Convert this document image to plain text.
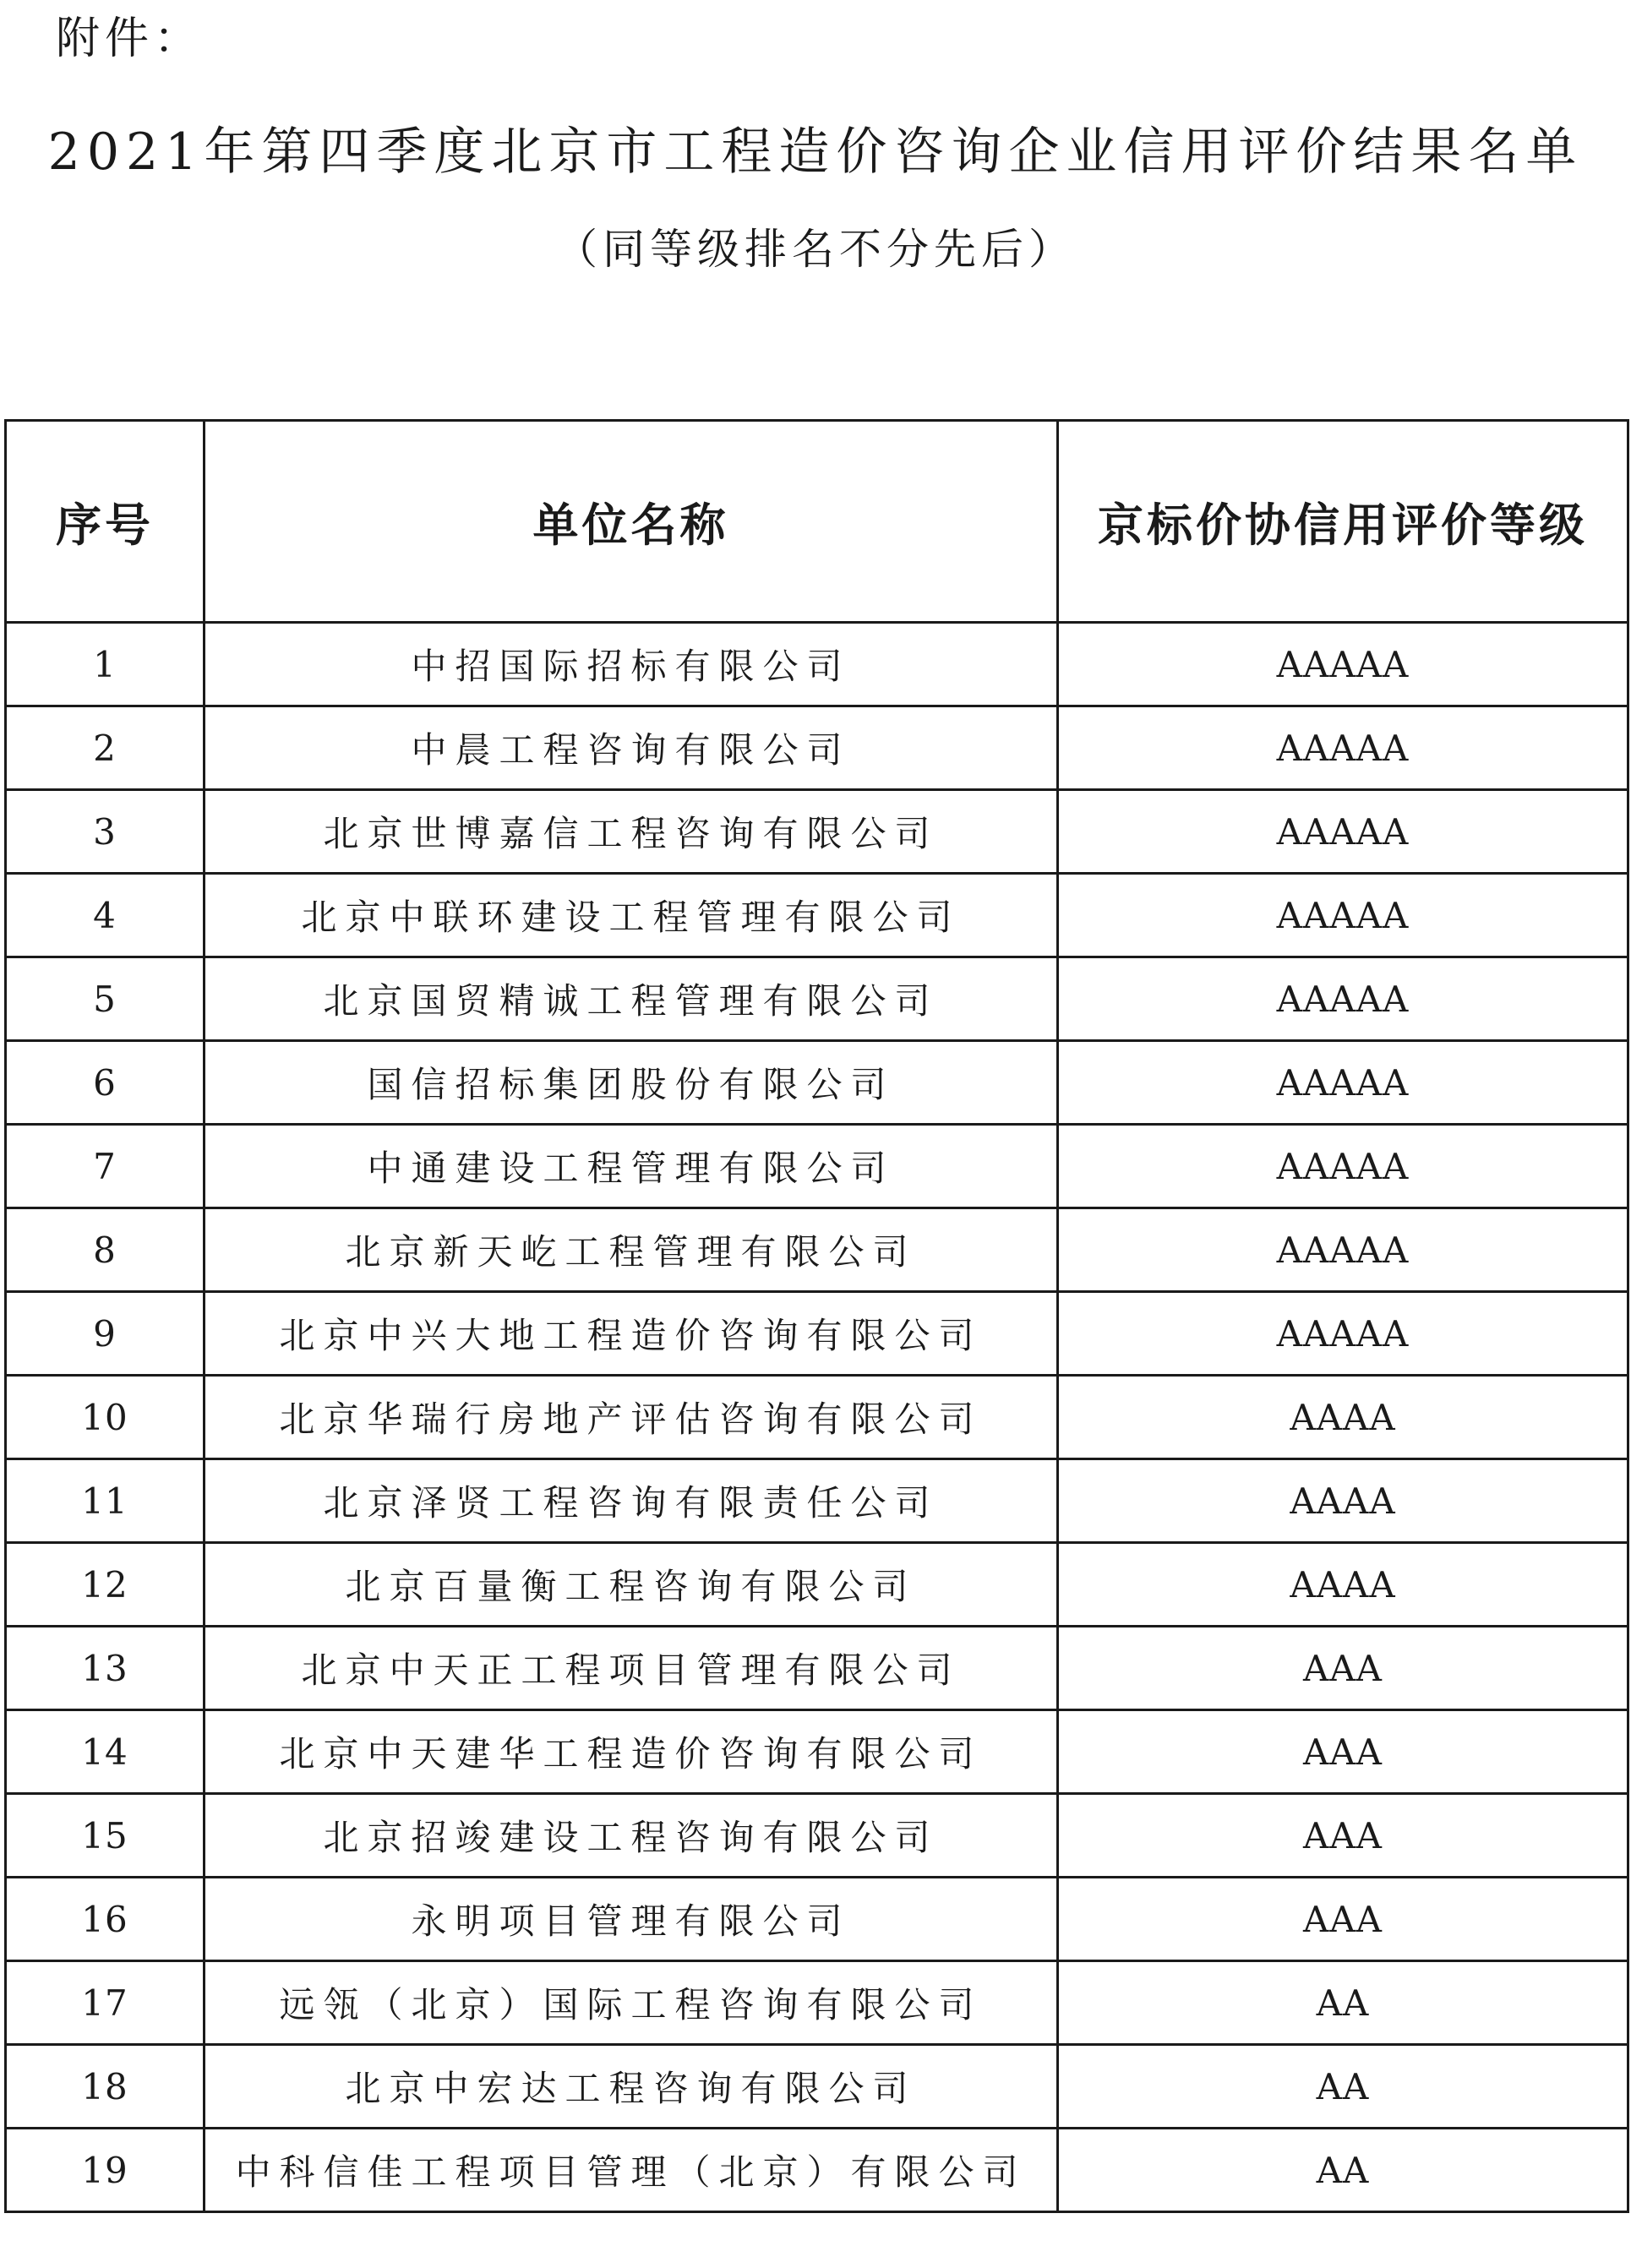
附件：
2021年第四季度北京市工程造价咨询企业信用评价结果名单
（同等级排名不分先后）
序号	单位名称	京标价协信用评价等级
1	中招国际招标有限公司	AAAAA
2	中晨工程咨询有限公司	AAAAA
3	北京世博嘉信工程咨询有限公司	AAAAA
4	北京中联环建设工程管理有限公司	AAAAA
5	北京国贸精诚工程管理有限公司	AAAAA
6	国信招标集团股份有限公司	AAAAA
7	中通建设工程管理有限公司	AAAAA
8	北京新天屹工程管理有限公司	AAAAA
9	北京中兴大地工程造价咨询有限公司	AAAAA
10	北京华瑞行房地产评估咨询有限公司	AAAA
11	北京泽贤工程咨询有限责任公司	AAAA
12	北京百量衡工程咨询有限公司	AAAA
13	北京中天正工程项目管理有限公司	AAA
14	北京中天建华工程造价咨询有限公司	AAA
15	北京招竣建设工程咨询有限公司	AAA
16	永明项目管理有限公司	AAA
17	远瓴（北京）国际工程咨询有限公司	AA
18	北京中宏达工程咨询有限公司	AA
19	中科信佳工程项目管理（北京）有限公司	AA
